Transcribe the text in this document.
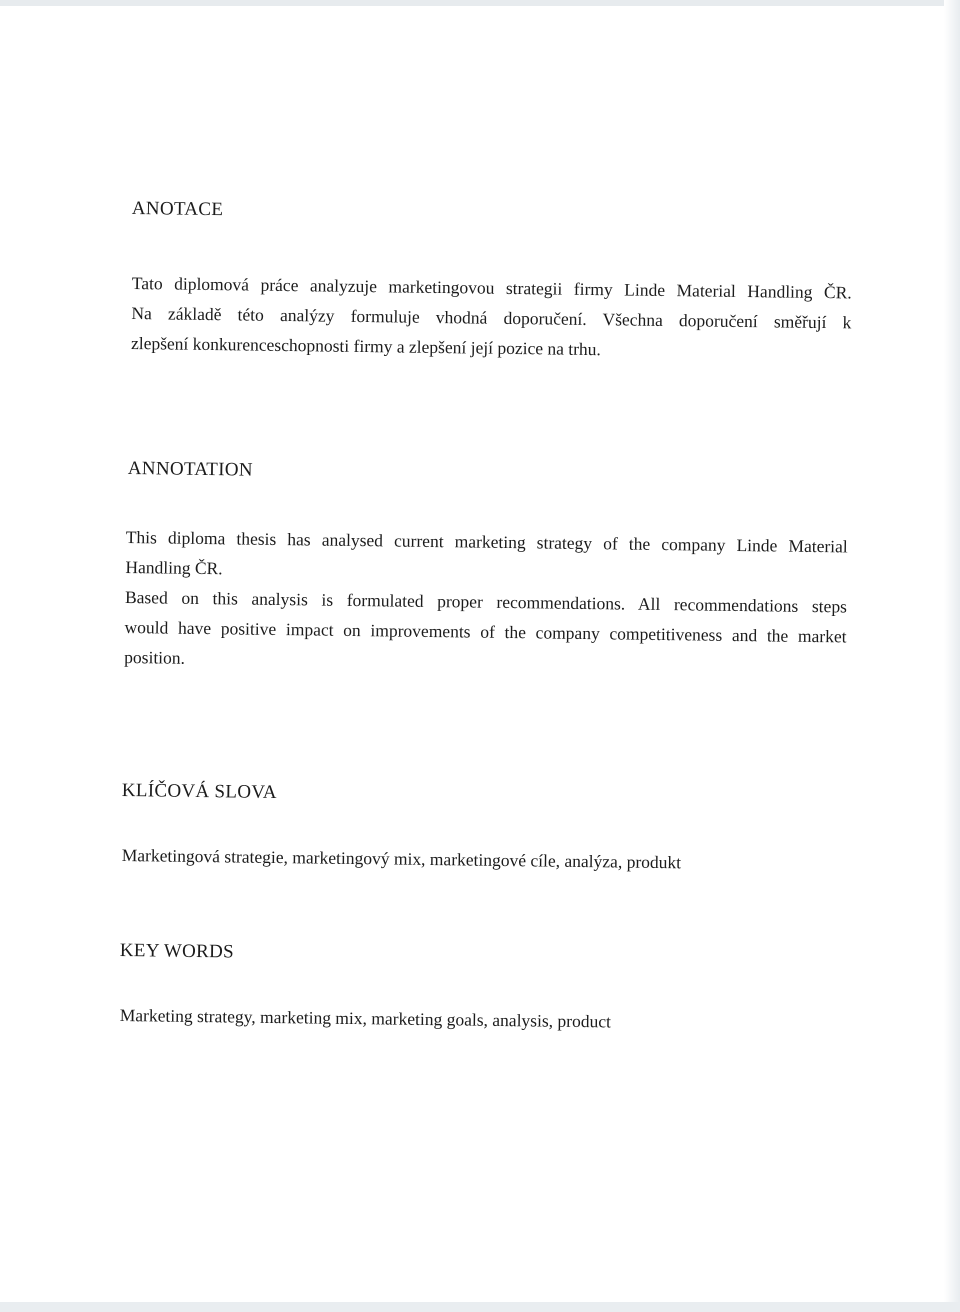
ANOTACE

Tato diplomová práce analyzuje marketingovou strategii firmy Linde Material Handling ČR.
Na základě této analýzy formuluje vhodná doporučení. Všechna doporučení směřují k
zlepšení konkurenceschopnosti firmy a zlepšení její pozice na trhu.

ANNOTATION

This diploma thesis has analysed current marketing strategy of the company Linde Material
Handling ČR.
Based on this analysis is formulated proper recommendations. All recommendations steps
would have positive impact on improvements of the company competitiveness and the market
position.

KLÍČOVÁ SLOVA

Marketingová strategie, marketingový mix, marketingové cíle, analýza, produkt

KEY WORDS

Marketing strategy, marketing mix, marketing goals, analysis, product
